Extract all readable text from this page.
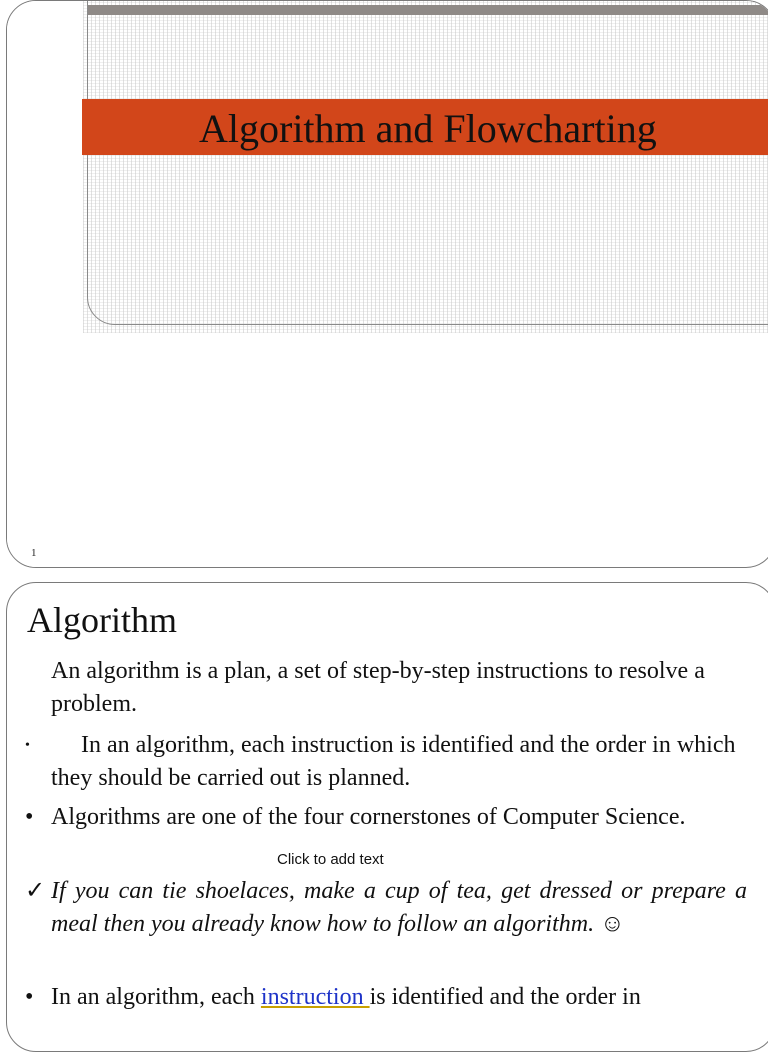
Algorithm and Flowcharting
1
Algorithm
An algorithm is a plan, a set of step-by-step instructions to resolve a problem.
• In an algorithm, each instruction is identified and the order in which  they should be carried out is planned.
• Algorithms are one of the four cornerstones of Computer Science.
Click to add text
✓ If you can tie shoelaces, make a cup of tea, get dressed or prepare a meal then you already know how to follow an algorithm. ☺
• In an algorithm, each instruction is identified and the order in
